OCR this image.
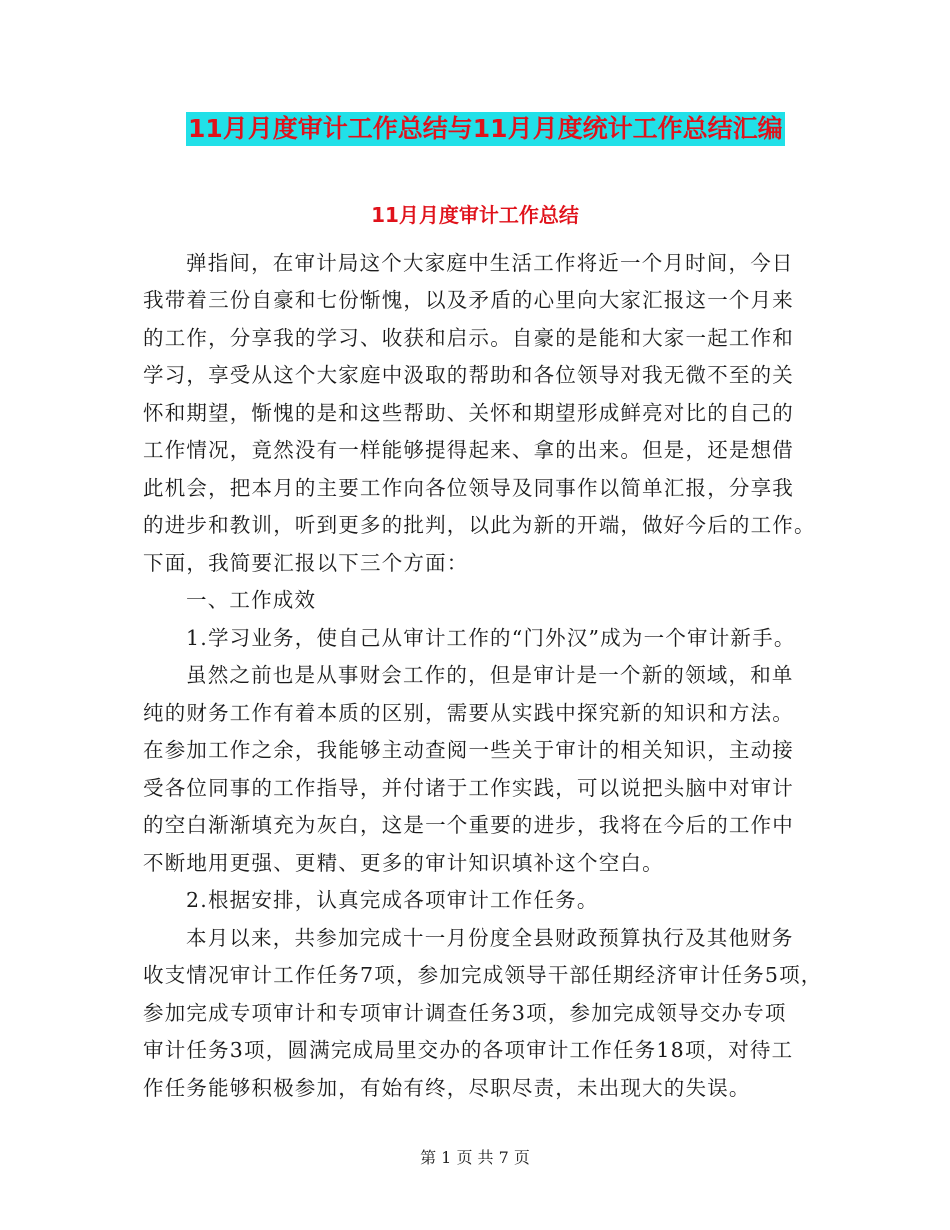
11月月度审计工作总结与11月月度统计工作总结汇编
11月月度审计工作总结
弹指间，在审计局这个大家庭中生活工作将近一个月时间，今日
我带着三份自豪和七份惭愧，以及矛盾的心里向大家汇报这一个月来
的工作，分享我的学习、收获和启示。自豪的是能和大家一起工作和
学习，享受从这个大家庭中汲取的帮助和各位领导对我无微不至的关
怀和期望，惭愧的是和这些帮助、关怀和期望形成鲜亮对比的自己的
工作情况，竟然没有一样能够提得起来、拿的出来。但是，还是想借
此机会，把本月的主要工作向各位领导及同事作以简单汇报，分享我
的进步和教训，听到更多的批判，以此为新的开端，做好今后的工作。
下面，我简要汇报以下三个方面：
一、工作成效
1.学习业务，使自己从审计工作的“门外汉”成为一个审计新手。
虽然之前也是从事财会工作的，但是审计是一个新的领域，和单
纯的财务工作有着本质的区别，需要从实践中探究新的知识和方法。
在参加工作之余，我能够主动查阅一些关于审计的相关知识，主动接
受各位同事的工作指导，并付诸于工作实践，可以说把头脑中对审计
的空白渐渐填充为灰白，这是一个重要的进步，我将在今后的工作中
不断地用更强、更精、更多的审计知识填补这个空白。
2.根据安排，认真完成各项审计工作任务。
本月以来，共参加完成十一月份度全县财政预算执行及其他财务
收支情况审计工作任务7项，参加完成领导干部任期经济审计任务5项，
参加完成专项审计和专项审计调查任务3项，参加完成领导交办专项
审计任务3项，圆满完成局里交办的各项审计工作任务18项，对待工
作任务能够积极参加，有始有终，尽职尽责，未出现大的失误。
第 1 页 共 7 页
